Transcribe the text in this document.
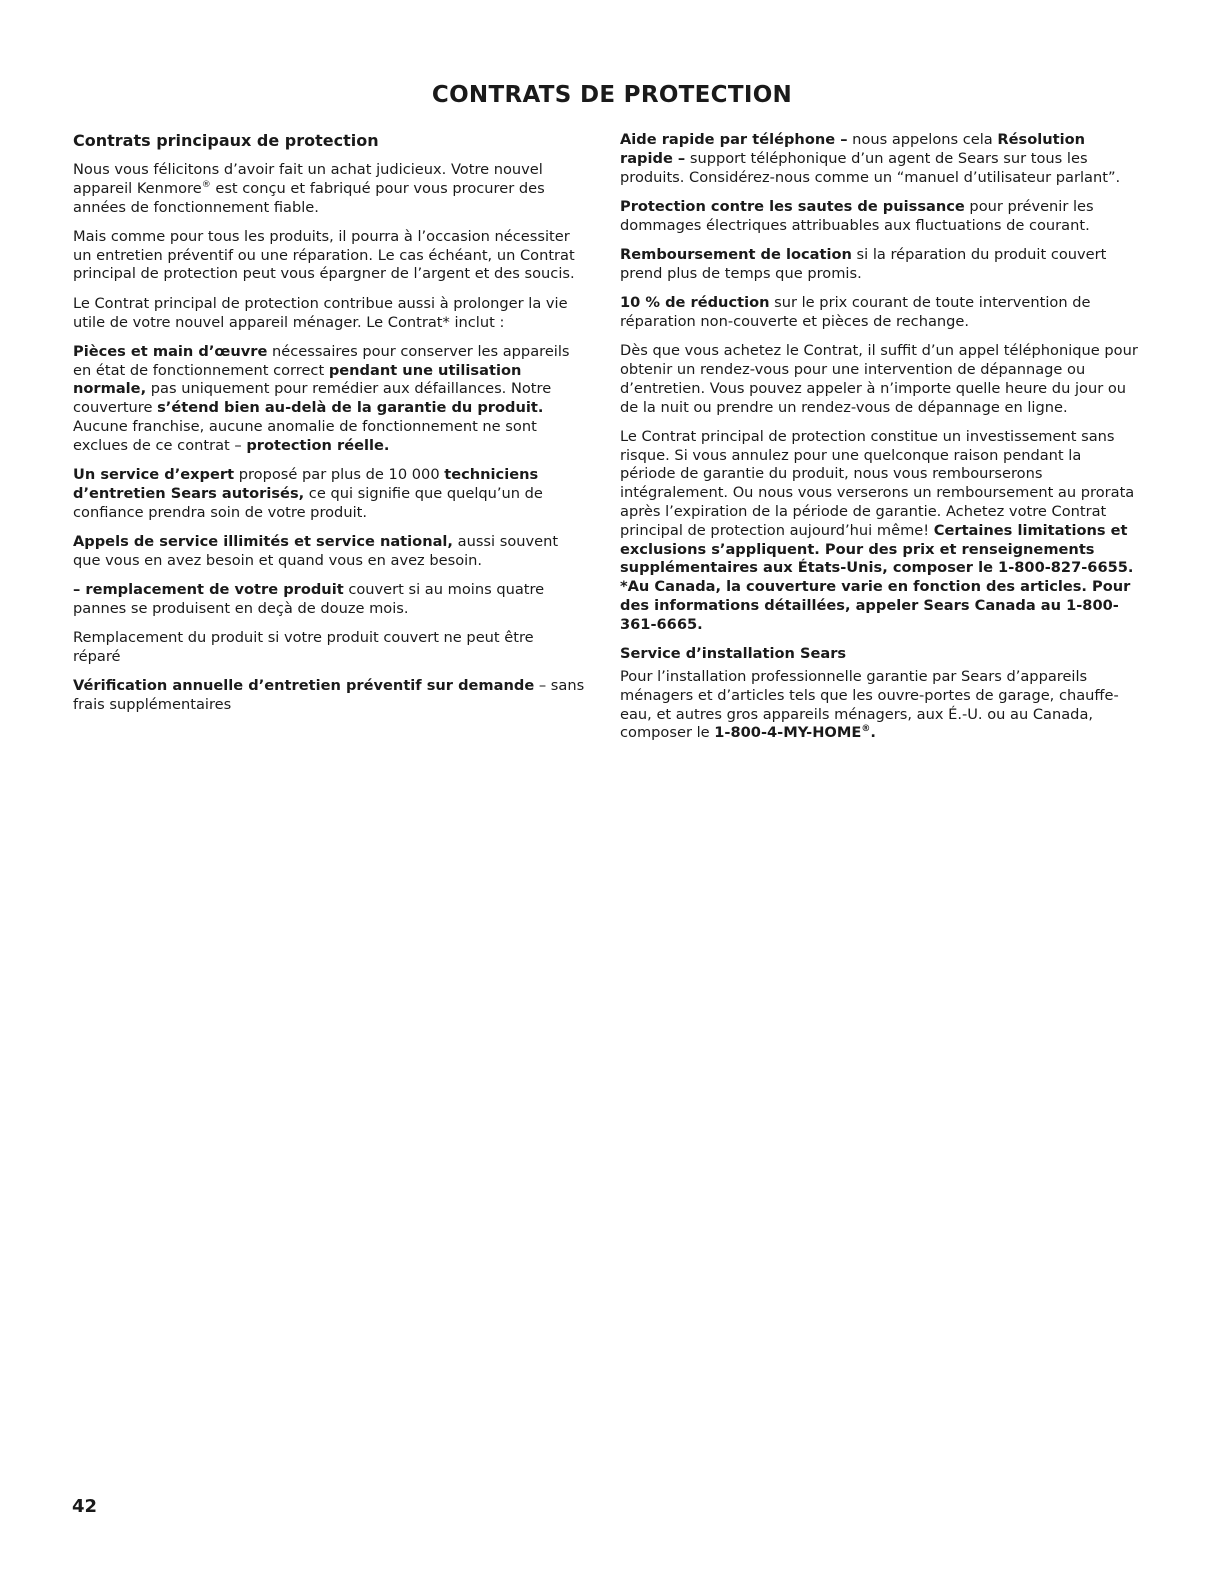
CONTRATS DE PROTECTION
Contrats principaux de protection

Nous vous félicitons d’avoir fait un achat judicieux. Votre nouvel appareil Kenmore® est conçu et fabriqué pour vous procurer des années de fonctionnement fiable.

Mais comme pour tous les produits, il pourra à l’occasion nécessiter un entretien préventif ou une réparation. Le cas échéant, un Contrat principal de protection peut vous épargner de l’argent et des soucis.

Le Contrat principal de protection contribue aussi à prolonger la vie utile de votre nouvel appareil ménager. Le Contrat* inclut :

Pièces et main d’œuvre nécessaires pour conserver les appareils en état de fonctionnement correct pendant une utilisation normale, pas uniquement pour remédier aux défaillances. Notre couverture s’étend bien au-delà de la garantie du produit. Aucune franchise, aucune anomalie de fonctionnement ne sont exclues de ce contrat – protection réelle.

Un service d’expert proposé par plus de 10 000 techniciens d’entretien Sears autorisés, ce qui signifie que quelqu’un de confiance prendra soin de votre produit.

Appels de service illimités et service national, aussi souvent que vous en avez besoin et quand vous en avez besoin.

– remplacement de votre produit couvert si au moins quatre pannes se produisent en deçà de douze mois.

Remplacement du produit si votre produit couvert ne peut être réparé

Vérification annuelle d’entretien préventif sur demande – sans frais supplémentaires

Aide rapide par téléphone – nous appelons cela Résolution rapide – support téléphonique d’un agent de Sears sur tous les produits. Considérez-nous comme un “manuel d’utilisateur parlant”.

Protection contre les sautes de puissance pour prévenir les dommages électriques attribuables aux fluctuations de courant.

Remboursement de location si la réparation du produit couvert prend plus de temps que promis.

10 % de réduction sur le prix courant de toute intervention de réparation non-couverte et pièces de rechange.

Dès que vous achetez le Contrat, il suffit d’un appel téléphonique pour obtenir un rendez-vous pour une intervention de dépannage ou d’entretien. Vous pouvez appeler à n’importe quelle heure du jour ou de la nuit ou prendre un rendez-vous de dépannage en ligne.

Le Contrat principal de protection constitue un investissement sans risque. Si vous annulez pour une quelconque raison pendant la période de garantie du produit, nous vous rembourserons intégralement. Ou nous vous verserons un remboursement au prorata après l’expiration de la période de garantie. Achetez votre Contrat principal de protection aujourd’hui même! Certaines limitations et exclusions s’appliquent. Pour des prix et renseignements supplémentaires aux États-Unis, composer le 1-800-827-6655. *Au Canada, la couverture varie en fonction des articles. Pour des informations détaillées, appeler Sears Canada au 1-800-361-6665.

Service d’installation Sears

Pour l’installation professionnelle garantie par Sears d’appareils ménagers et d’articles tels que les ouvre-portes de garage, chauffe-eau, et autres gros appareils ménagers, aux É.-U. ou au Canada, composer le 1-800-4-MY-HOME®.

42
